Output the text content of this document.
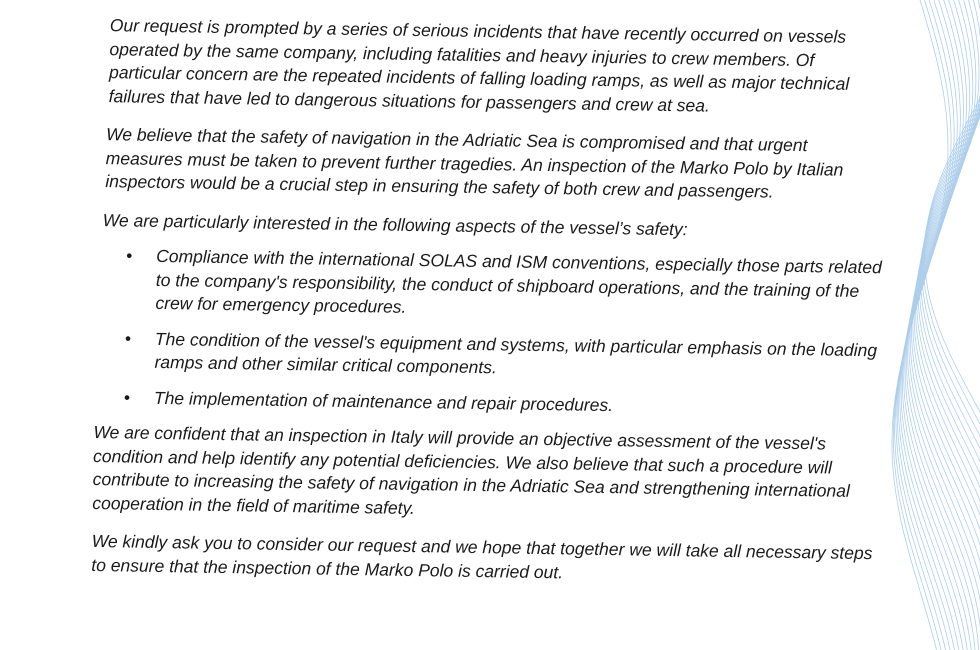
Our request is prompted by a series of serious incidents that have recently occurred on vessels operated by the same company, including fatalities and heavy injuries to crew members. Of particular concern are the repeated incidents of falling loading ramps, as well as major technical failures that have led to dangerous situations for passengers and crew at sea.

We believe that the safety of navigation in the Adriatic Sea is compromised and that urgent measures must be taken to prevent further tragedies. An inspection of the Marko Polo by Italian inspectors would be a crucial step in ensuring the safety of both crew and passengers.

We are particularly interested in the following aspects of the vessel’s safety:

• Compliance with the international SOLAS and ISM conventions, especially those parts related to the company's responsibility, the conduct of shipboard operations, and the training of the crew for emergency procedures.
• The condition of the vessel's equipment and systems, with particular emphasis on the loading ramps and other similar critical components.
• The implementation of maintenance and repair procedures.

We are confident that an inspection in Italy will provide an objective assessment of the vessel's condition and help identify any potential deficiencies. We also believe that such a procedure will contribute to increasing the safety of navigation in the Adriatic Sea and strengthening international cooperation in the field of maritime safety.

We kindly ask you to consider our request and we hope that together we will take all necessary steps to ensure that the inspection of the Marko Polo is carried out.
